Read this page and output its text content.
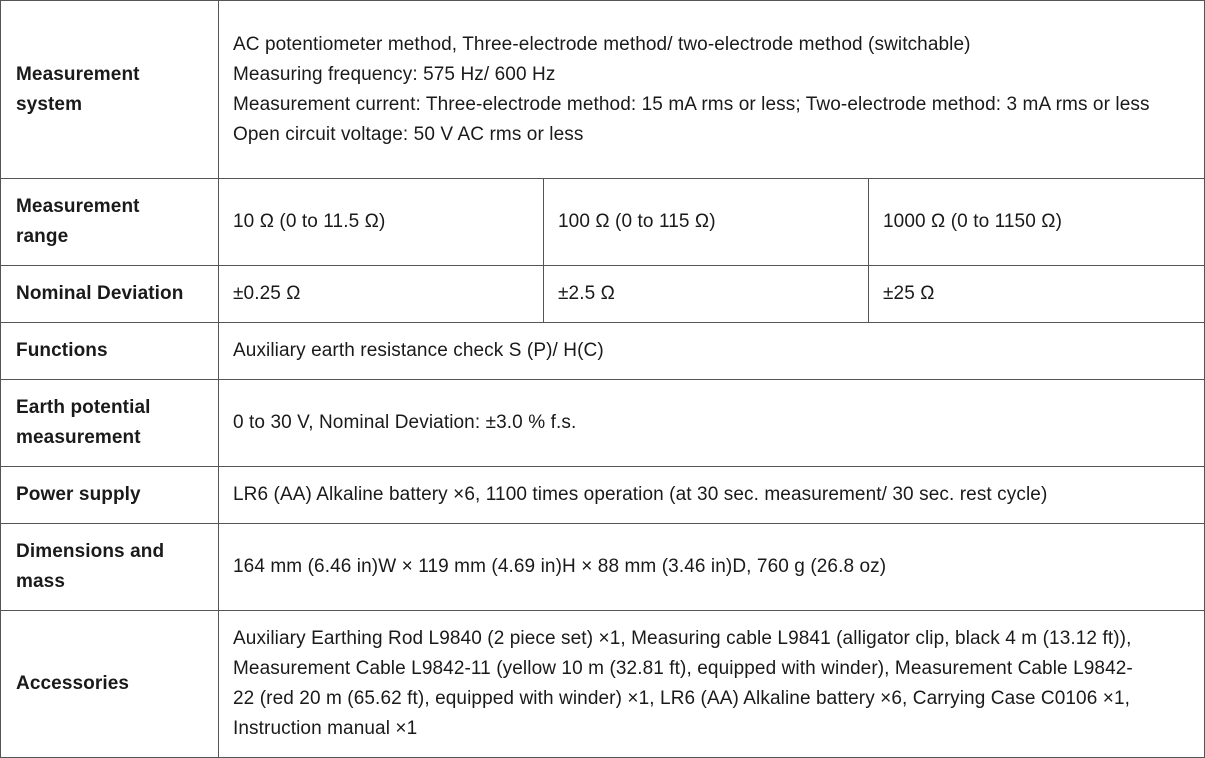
Measurement system	AC potentiometer method, Three-electrode method/ two-electrode method (switchable)
Measuring frequency: 575 Hz/ 600 Hz
Measurement current: Three-electrode method: 15 mA rms or less; Two-electrode method: 3 mA rms or less
Open circuit voltage: 50 V AC rms or less		

Measurement range	10 Ω (0 to 11.5 Ω)	100 Ω (0 to 115 Ω)	1000 Ω (0 to 1150 Ω)
Nominal Deviation	±0.25 Ω	±2.5 Ω	±25 Ω
Functions	Auxiliary earth resistance check S (P)/ H(C)		
Earth potential measurement	0 to 30 V, Nominal Deviation: ±3.0 % f.s.		
Power supply	LR6 (AA) Alkaline battery ×6, 1100 times operation (at 30 sec. measurement/ 30 sec. rest cycle)		
Dimensions and mass	164 mm (6.46 in)W × 119 mm (4.69 in)H × 88 mm (3.46 in)D, 760 g (26.8 oz)		
Accessories	Auxiliary Earthing Rod L9840 (2 piece set) ×1, Measuring cable L9841 (alligator clip, black 4 m (13.12 ft)), Measurement Cable L9842-11 (yellow 10 m (32.81 ft), equipped with winder), Measurement Cable L9842-22 (red 20 m (65.62 ft), equipped with winder) ×1, LR6 (AA) Alkaline battery ×6, Carrying Case C0106 ×1, Instruction manual ×1		
